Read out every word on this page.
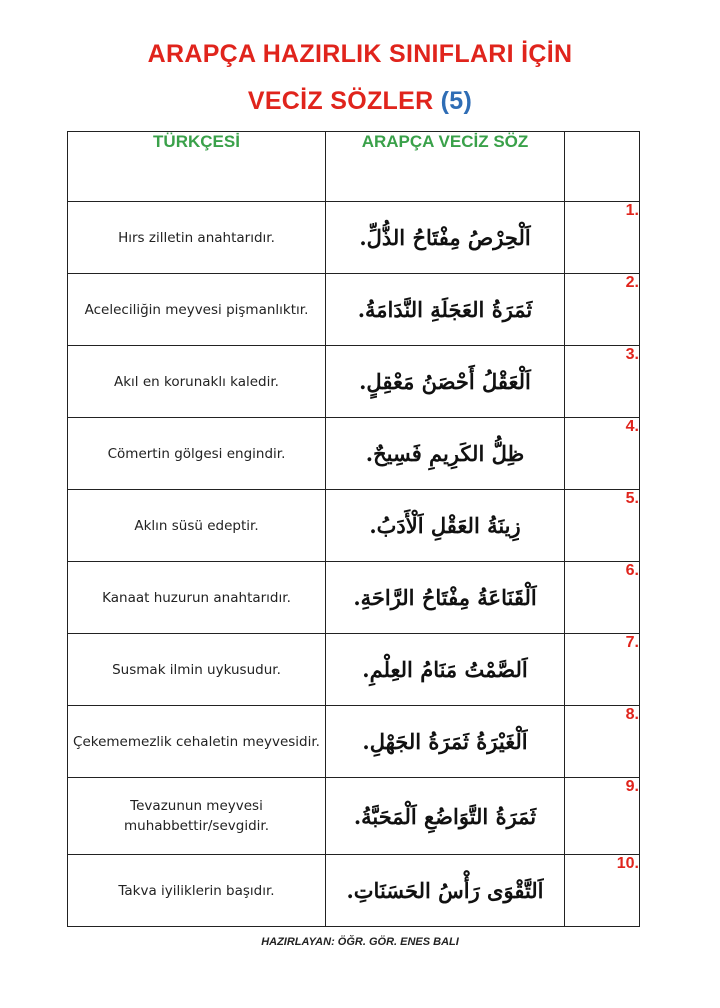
ARAPÇA HAZIRLIK SINIFLARI İÇİN
VECİZ SÖZLER (5)
TÜRKÇESİ	ARAPÇA VECİZ SÖZ	
Hırs zilletin anahtarıdır.	اَلْحِرْصُ مِفْتَاحُ الذُّلِّ.	1.
Aceleciliğin meyvesi pişmanlıktır.	ثَمَرَةُ العَجَلَةِ النَّدَامَةُ.	2.
Akıl en korunaklı kaledir.	اَلْعَقْلُ أَحْصَنُ مَعْقِلٍ.	3.
Cömertin gölgesi engindir.	ظِلُّ الكَرِيمِ فَسِيحٌ.	4.
Aklın süsü edeptir.	زِينَةُ العَقْلِ اَلْأَدَبُ.	5.
Kanaat huzurun anahtarıdır.	اَلْقَنَاعَةُ مِفْتَاحُ الرَّاحَةِ.	6.
Susmak ilmin uykusudur.	اَلصَّمْتُ مَنَامُ العِلْمِ.	7.
Çekememezlik cehaletin meyvesidir.	اَلْغَيْرَةُ ثَمَرَةُ الجَهْلِ.	8.
Tevazunun meyvesi muhabbettir/sevgidir.	ثَمَرَةُ التَّوَاضُعِ اَلْمَحَبَّةُ.	9.
Takva iyiliklerin başıdır.	اَلتَّقْوَى رَأْسُ الحَسَنَاتِ.	10.
HAZIRLAYAN: ÖĞR. GÖR. ENES BALI
